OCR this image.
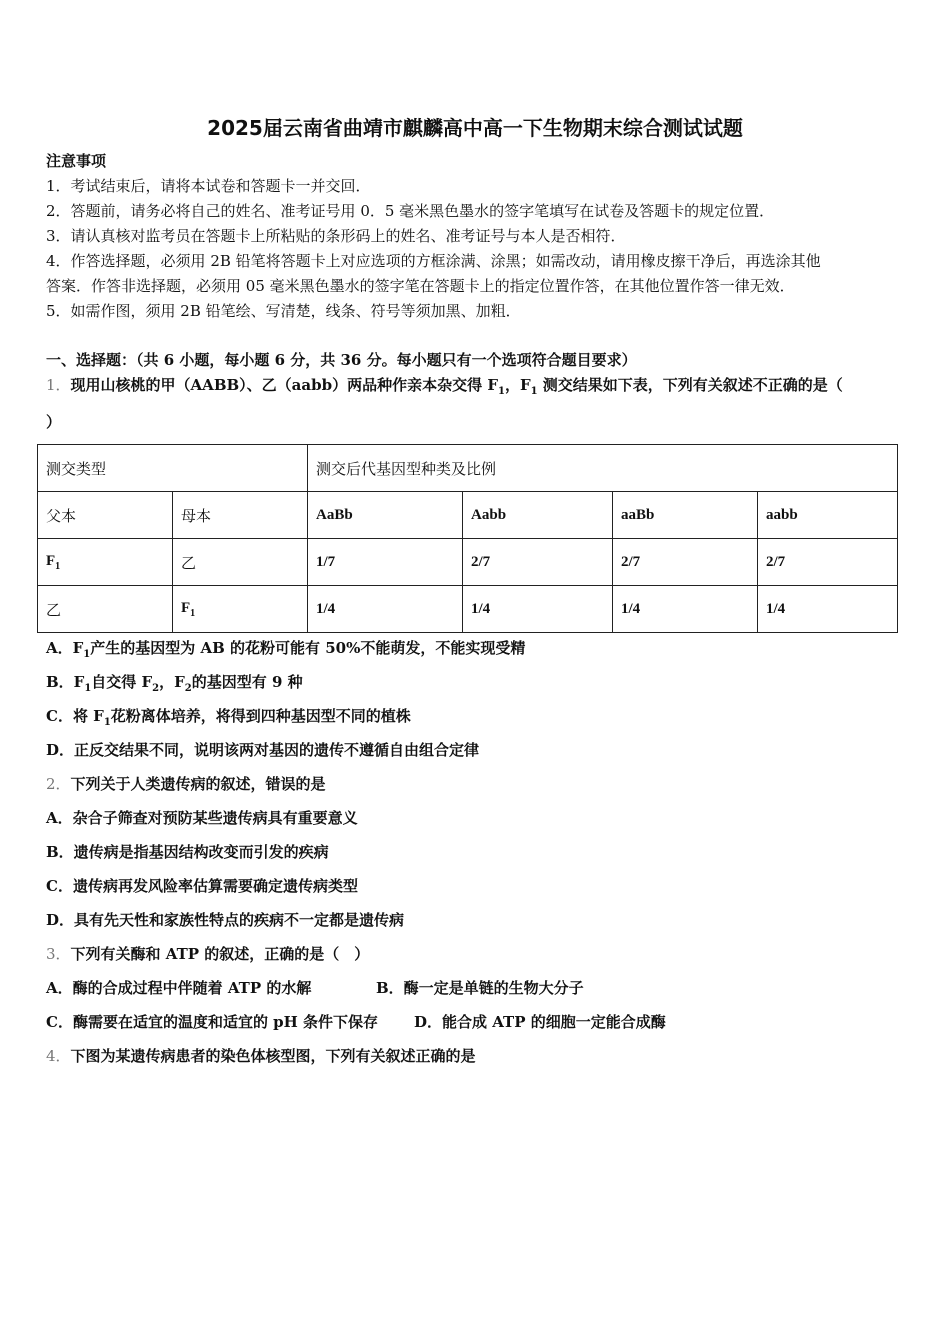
2025届云南省曲靖市麒麟高中高一下生物期末综合测试试题
注意事项
1．考试结束后，请将本试卷和答题卡一并交回．
2．答题前，请务必将自己的姓名、准考证号用 0．5 毫米黑色墨水的签字笔填写在试卷及答题卡的规定位置．
3．请认真核对监考员在答题卡上所粘贴的条形码上的姓名、准考证号与本人是否相符．
4．作答选择题，必须用 2B 铅笔将答题卡上对应选项的方框涂满、涂黑；如需改动，请用橡皮擦干净后，再选涂其他
答案．作答非选择题，必须用 05 毫米黑色墨水的签字笔在答题卡上的指定位置作答，在其他位置作答一律无效．
5．如需作图，须用 2B 铅笔绘、写清楚，线条、符号等须加黑、加粗．
一、选择题：（共 6 小题，每小题 6 分，共 36 分。每小题只有一个选项符合题目要求）
1．现用山核桃的甲（AABB）、乙（aabb）两品种作亲本杂交得 $F_1$，$F_1$ 测交结果如下表，下列有关叙述不正确的是（
）
测交类型		测交后代基因型种类及比例			
父本	母本	AaBb	Aabb	aaBb	aabb
$F_1$	乙	1/7	2/7	2/7	2/7
乙	$F_1$	1/4	1/4	1/4	1/4
A．$F_1$产生的基因型为 AB 的花粉可能有 50%不能萌发，不能实现受精
B．$F_1$自交得 $F_2$，$F_2$的基因型有 9 种
C．将 $F_1$花粉离体培养，将得到四种基因型不同的植株
D．正反交结果不同，说明该两对基因的遗传不遵循自由组合定律
2．下列关于人类遗传病的叙述，错误的是
A．杂合子筛查对预防某些遗传病具有重要意义
B．遗传病是指基因结构改变而引发的疾病
C．遗传病再发风险率估算需要确定遗传病类型
D．具有先天性和家族性特点的疾病不一定都是遗传病
3．下列有关酶和 ATP 的叙述，正确的是（　）
A．酶的合成过程中伴随着 ATP 的水解	B．酶一定是单链的生物大分子
C．酶需要在适宜的温度和适宜的 pH 条件下保存 D．能合成 ATP 的细胞一定能合成酶
4．下图为某遗传病患者的染色体核型图，下列有关叙述正确的是
